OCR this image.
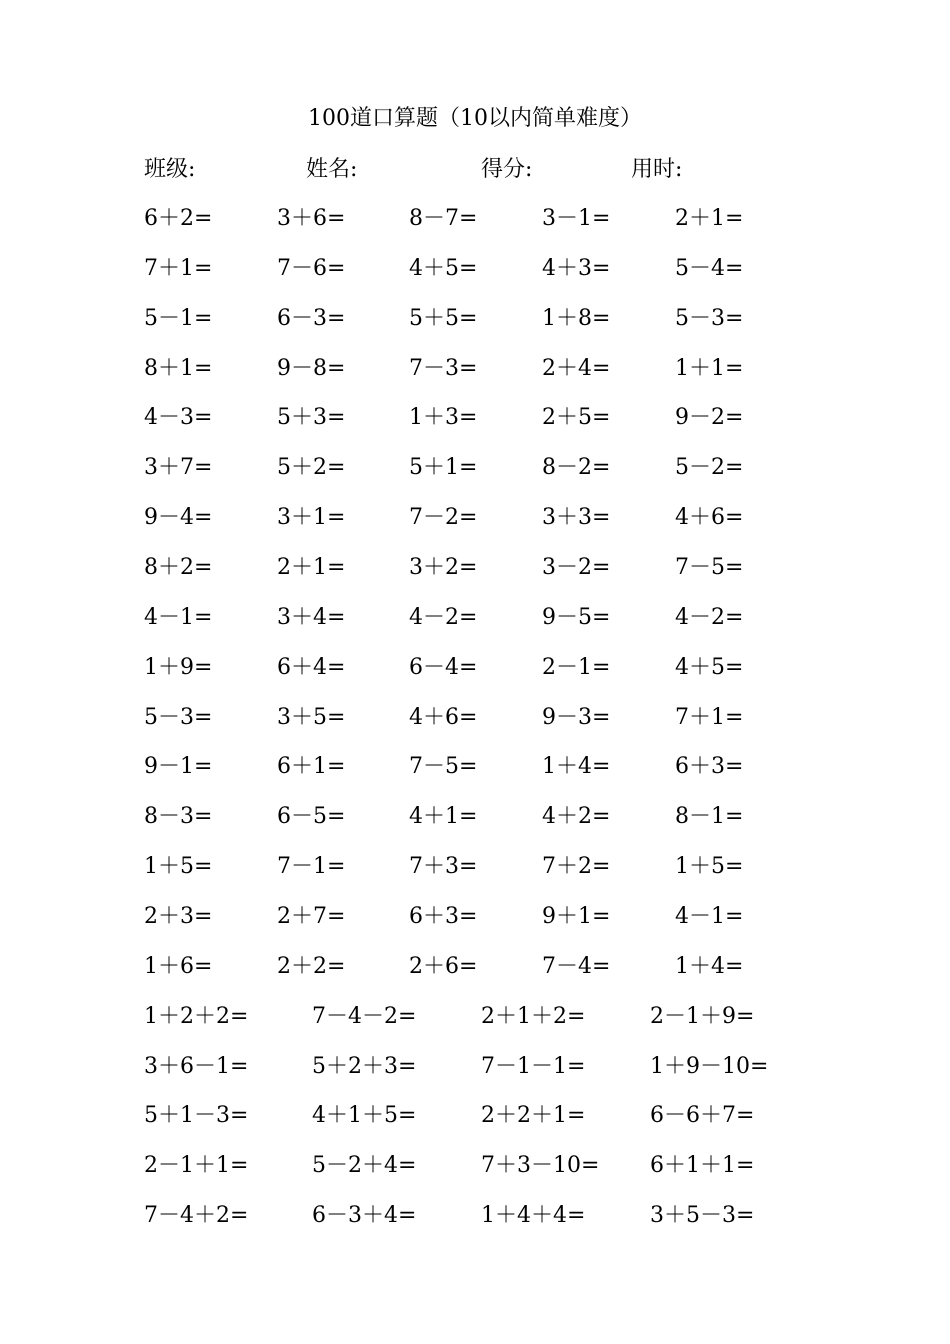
100道口算题（10以内简单难度）
班级:	姓名:	得分:	用时:
6＋2=	3＋6=	8－7=	3－1=	2＋1=
7＋1=	7－6=	4＋5=	4＋3=	5－4=
5－1=	6－3=	5＋5=	1＋8=	5－3=
8＋1=	9－8=	7－3=	2＋4=	1＋1=
4－3=	5＋3=	1＋3=	2＋5=	9－2=
3＋7=	5＋2=	5＋1=	8－2=	5－2=
9－4=	3＋1=	7－2=	3＋3=	4＋6=
8＋2=	2＋1=	3＋2=	3－2=	7－5=
4－1=	3＋4=	4－2=	9－5=	4－2=
1＋9=	6＋4=	6－4=	2－1=	4＋5=
5－3=	3＋5=	4＋6=	9－3=	7＋1=
9－1=	6＋1=	7－5=	1＋4=	6＋3=
8－3=	6－5=	4＋1=	4＋2=	8－1=
1＋5=	7－1=	7＋3=	7＋2=	1＋5=
2＋3=	2＋7=	6＋3=	9＋1=	4－1=
1＋6=	2＋2=	2＋6=	7－4=	1＋4=
1＋2＋2=	7－4－2=	2＋1＋2=	2－1＋9=
3＋6－1=	5＋2＋3=	7－1－1=	1＋9－10=
5＋1－3=	4＋1＋5=	2＋2＋1=	6－6＋7=
2－1＋1=	5－2＋4=	7＋3－10= 6＋1＋1=
7－4＋2=	6－3＋4=	1＋4＋4=	3＋5－3=
